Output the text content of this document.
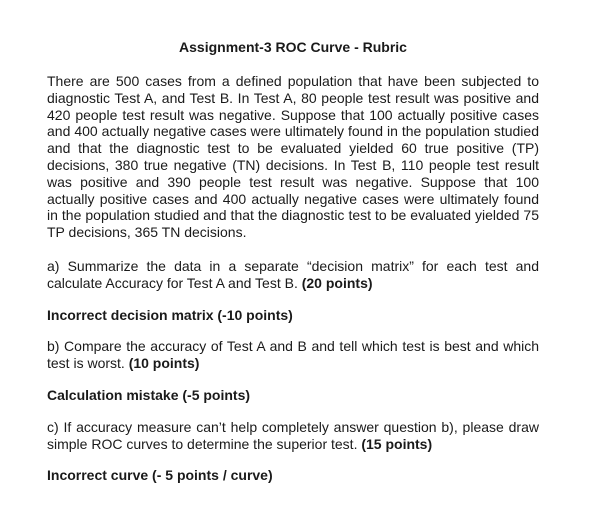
Assignment-3 ROC Curve - Rubric

There are 500 cases from a defined population that have been subjected to diagnostic Test A, and Test B. In Test A, 80 people test result was positive and 420 people test result was negative. Suppose that 100 actually positive cases and 400 actually negative cases were ultimately found in the population studied and that the diagnostic test to be evaluated yielded 60 true positive (TP) decisions, 380 true negative (TN) decisions. In Test B, 110 people test result was positive and 390 people test result was negative. Suppose that 100 actually positive cases and 400 actually negative cases were ultimately found in the population studied and that the diagnostic test to be evaluated yielded 75 TP decisions, 365 TN decisions.

a) Summarize the data in a separate “decision matrix” for each test and calculate Accuracy for Test A and Test B. (20 points)

Incorrect decision matrix (-10 points)

b) Compare the accuracy of Test A and B and tell which test is best and which test is worst. (10 points)

Calculation mistake (-5 points)

c) If accuracy measure can’t help completely answer question b), please draw simple ROC curves to determine the superior test. (15 points)

Incorrect curve (- 5 points / curve)
